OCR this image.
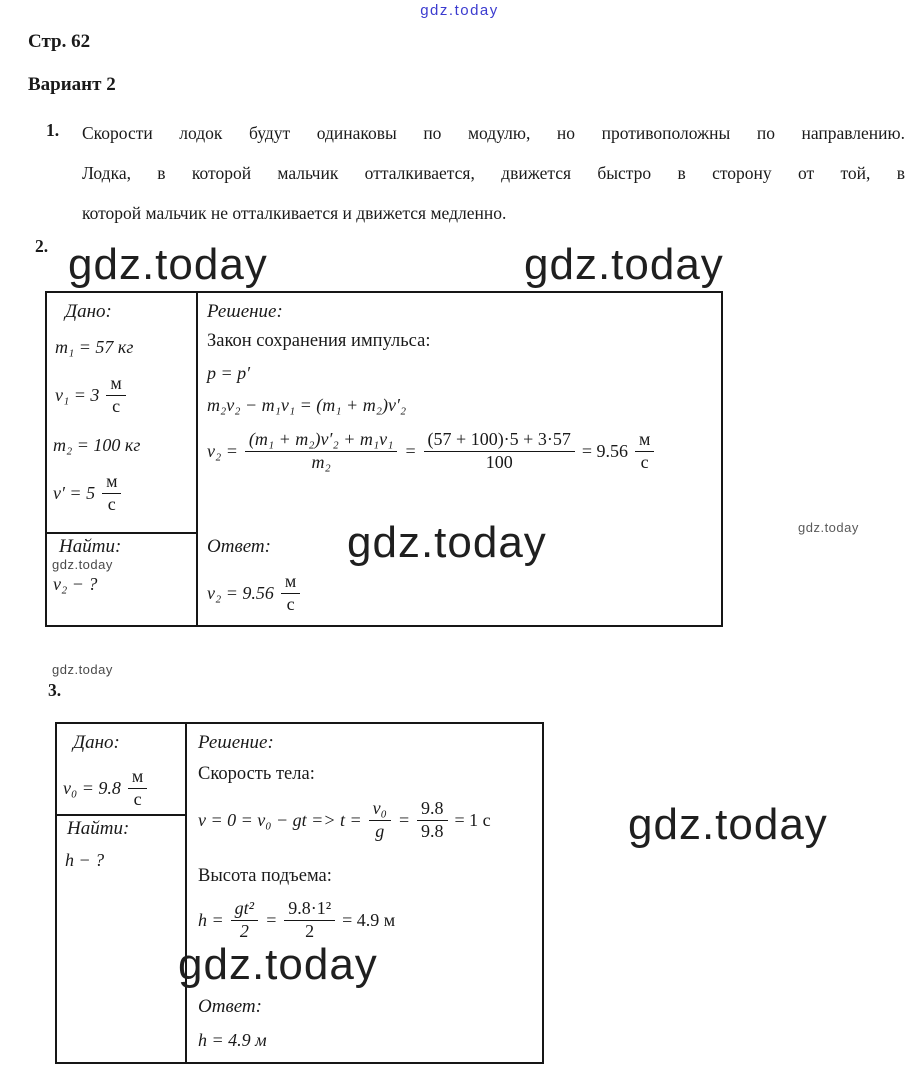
gdz.today
Стр. 62
Вариант 2
1. Скорости лодок будут одинаковы по модулю, но противоположны по направлению.
Лодка, в которой мальчик отталкивается, движется быстро в сторону от той, в
которой мальчик не отталкивается и движется медленно.
2. gdz.today	gdz.today
Дано:
m₁ = 57 кг
$v_1 = 3 \frac{м}{с}$
m₂ = 100 кг
$v' = 5 \frac{м}{с}$
Найти:
gdz.today
v₂ − ?
Решение:
Закон сохранения импульса:
p = p′
m₂v₂ − m₁v₁ = (m₁ + m₂)v′₂
$v_2 = \frac{\text{(m₁ + m₂)v′₂ + m₁v₁}}{\text{m₂}} = \frac{(57 + 100)\cdot 5 + 3\cdot 57}{100} = 9.56 \frac{м}{с}$
Ответ:
$v_2 = 9.56 \frac{м}{с}$
gdz.today	gdz.today
gdz.today
3.
Дано:
$v_0 = 9.8 \frac{м}{с}$
Найти:
h − ?
Решение:
Скорость тела:
v = 0 = v₀ − gt => $t = \frac{\text{v₀}}{g} = \frac{9.8}{9.8} = 1$ с
Высота подъема:
$h = \frac{\text{gt²}}{2} = \frac{\text{9.8·1²}}{2} = 4.9$ м
Ответ:
h = 4.9 м
gdz.today
gdz.today
